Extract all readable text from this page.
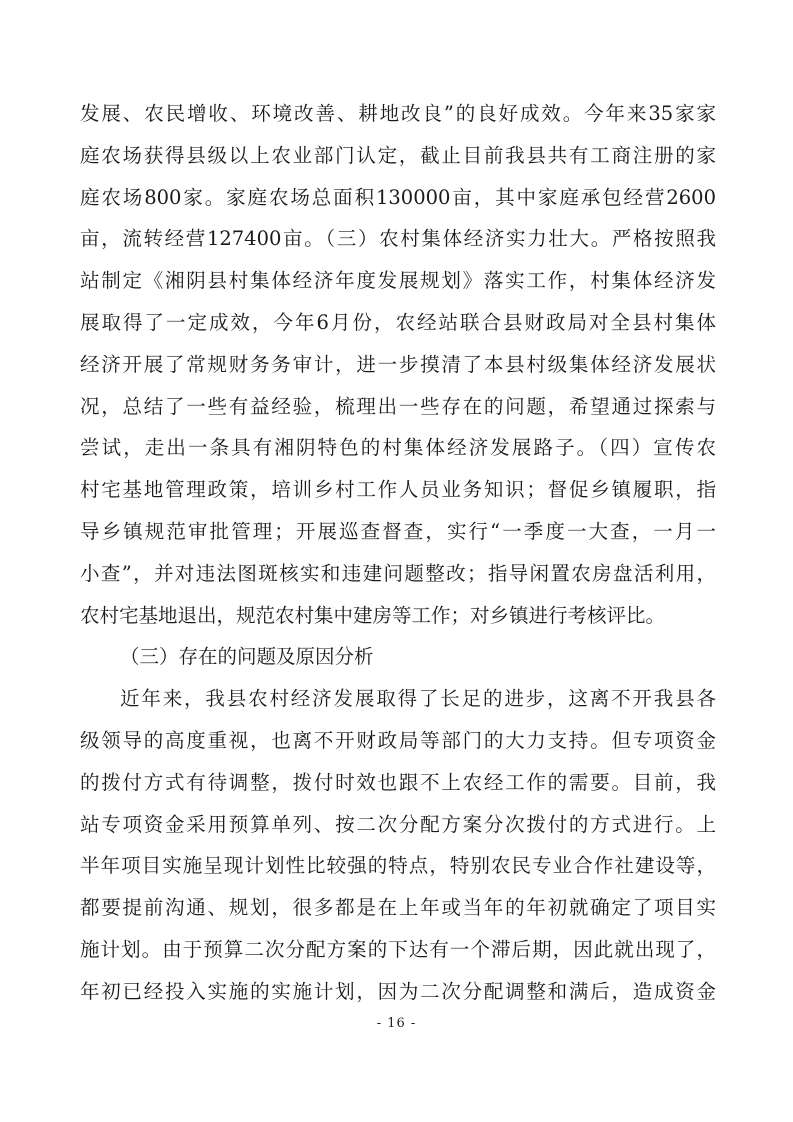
发展、农民增收、环境改善、耕地改良”的良好成效。今年来35家家
庭农场获得县级以上农业部门认定，截止目前我县共有工商注册的家
庭农场800家。家庭农场总面积130000亩，其中家庭承包经营2600
亩，流转经营127400亩。（三）农村集体经济实力壮大。严格按照我
站制定《湘阴县村集体经济年度发展规划》落实工作，村集体经济发
展取得了一定成效，今年6月份，农经站联合县财政局对全县村集体
经济开展了常规财务务审计，进一步摸清了本县村级集体经济发展状
况，总结了一些有益经验，梳理出一些存在的问题，希望通过探索与
尝试，走出一条具有湘阴特色的村集体经济发展路子。（四）宣传农
村宅基地管理政策，培训乡村工作人员业务知识；督促乡镇履职，指
导乡镇规范审批管理；开展巡查督查，实行“一季度一大查，一月一
小查”，并对违法图斑核实和违建问题整改；指导闲置农房盘活利用，
农村宅基地退出，规范农村集中建房等工作；对乡镇进行考核评比。
（三）存在的问题及原因分析
近年来，我县农村经济发展取得了长足的进步，这离不开我县各
级领导的高度重视，也离不开财政局等部门的大力支持。但专项资金
的拨付方式有待调整，拨付时效也跟不上农经工作的需要。目前，我
站专项资金采用预算单列、按二次分配方案分次拨付的方式进行。上
半年项目实施呈现计划性比较强的特点，特别农民专业合作社建设等，
都要提前沟通、规划，很多都是在上年或当年的年初就确定了项目实
施计划。由于预算二次分配方案的下达有一个滞后期，因此就出现了，
年初已经投入实施的实施计划，因为二次分配调整和满后，造成资金
- 16 -
